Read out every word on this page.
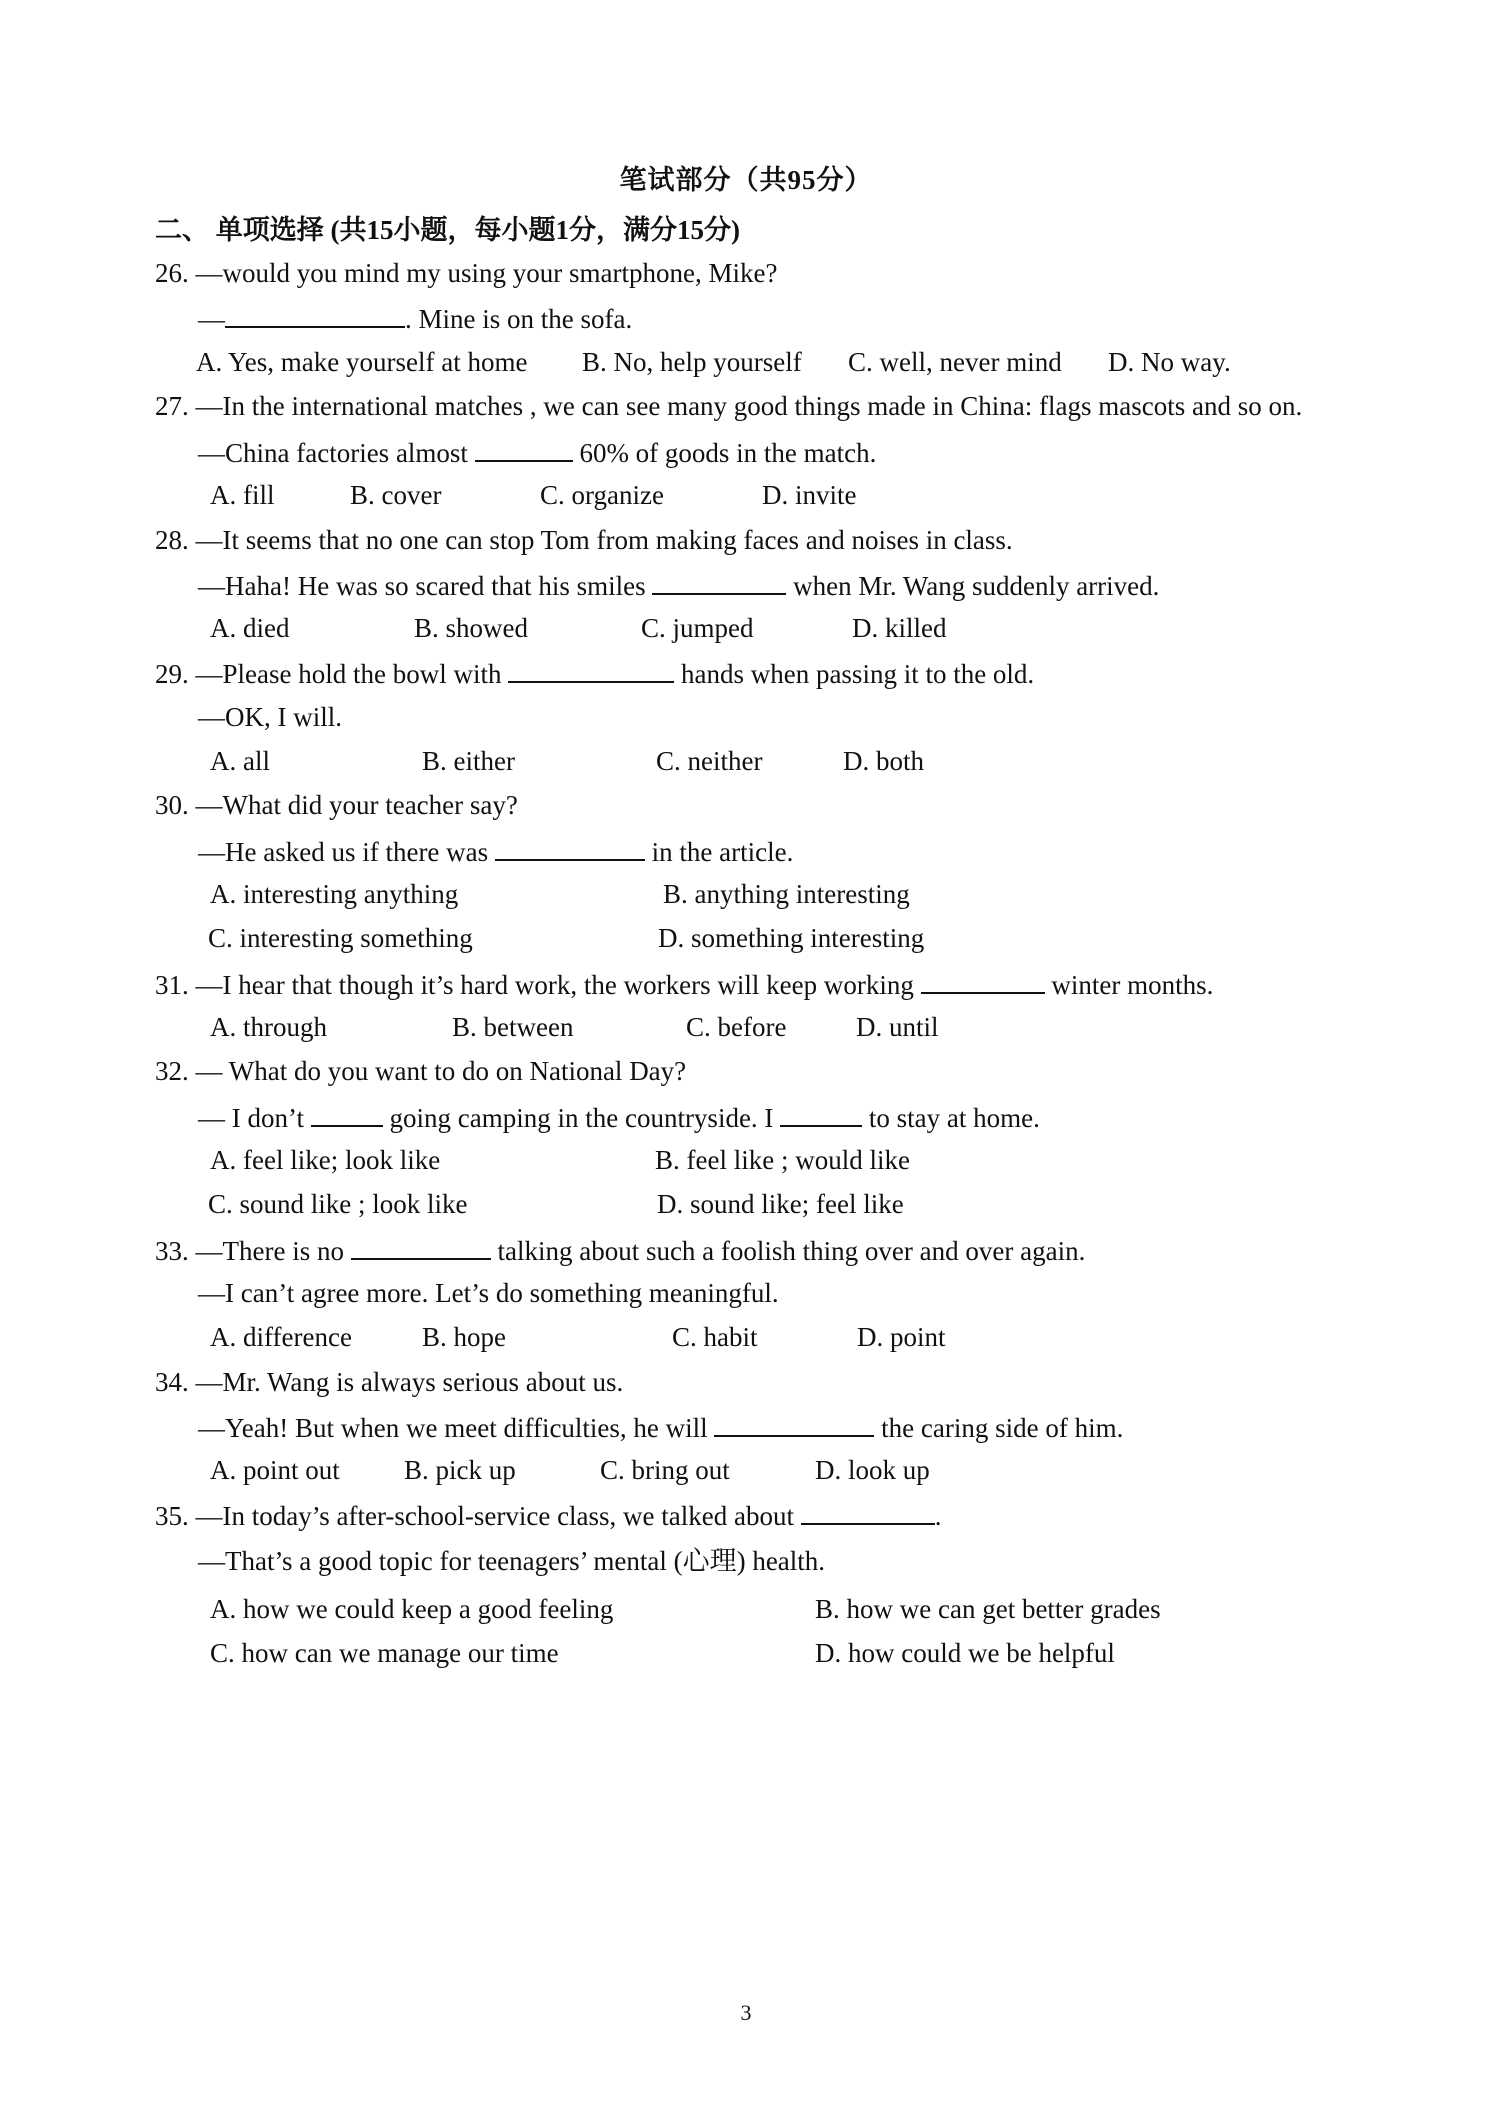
笔试部分（共95分）
二、 单项选择 (共15小题，每小题1分，满分15分)
26. —would you mind my using your smartphone, Mike?
—	. Mine is on the sofa.
A. Yes, make yourself at home B. No, help yourself C. well, never mind D. No way.
27. —In the international matches , we can see many good things made in China: flags mascots and so on.
—China factories almost	60% of goods in the match.
A. fill	B. cover	C. organize	D. invite
28. —It seems that no one can stop Tom from making faces and noises in class.
—Haha! He was so scared that his smiles	when Mr. Wang suddenly arrived.
A. died	B. showed	C. jumped	D. killed
29. —Please hold the bowl with	hands when passing it to the old.
—OK, I will.
A. all	B. either	C. neither	D. both
30. —What did your teacher say?
—He asked us if there was	in the article.
A. interesting anything	B. anything interesting
C. interesting something	D. something interesting
31. —I hear that though it’s hard work, the workers will keep working	winter months.
A. through	B. between	C. before	D. until
32. — What do you want to do on National Day?
— I don’t	going camping in the countryside. I	to stay at home.
A. feel like; look like	B. feel like ; would like
C. sound like ; look like	D. sound like; feel like
33. —There is no	talking about such a foolish thing over and over again.
—I can’t agree more. Let’s do something meaningful.
A. difference	B. hope	C. habit	D. point
34. —Mr. Wang is always serious about us.
—Yeah! But when we meet difficulties, he will	the caring side of him.
A. point out B. pick up	C. bring out	D. look up
35. —In today’s after-school-service class, we talked about	.
—That’s a good topic for teenagers’ mental (心理) health.
A. how we could keep a good feeling	B. how we can get better grades
C. how can we manage our time	D. how could we be helpful
3
